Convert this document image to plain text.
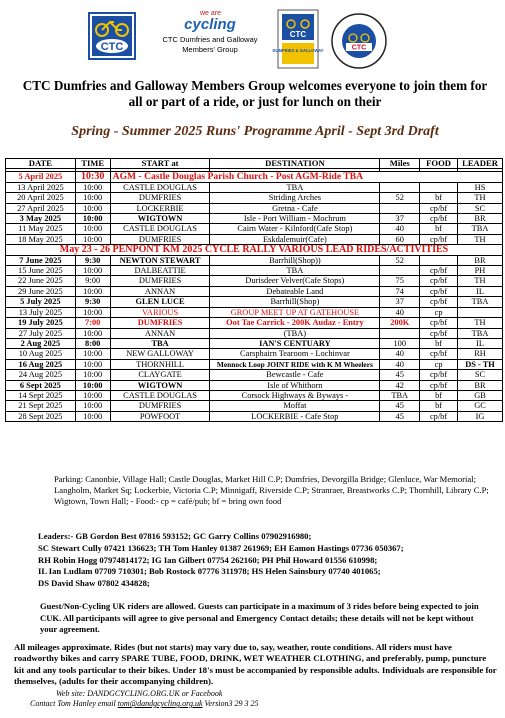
CTC
we are
cycling
CTC Dumfries and Galloway Members' Group
CTC
DUMFRIES & GALLOWAY	CTC
CTC Dumfries and Galloway Members Group welcomes everyone to join them for all or part of a ride, or just for lunch on their
Spring - Summer 2025 Runs' Programme April - Sept 3rd Draft
DATE	TIME	START at	DESTINATION	Miles	FOOD	LEADER

5 April 2025	10:30	AGM - Castle Douglas Parish Church - Post AGM-Ride TBA				
13 April 2025	10:00	CASTLE DOUGLAS	TBA			HS
20 April 2025	10:00	DUMFRIES	Striding Arches	52	bf	TH
27 April 2025	10:00	LOCKERBIE	Gretna - Cafe		cp/bf	SC
3 May 2025	10:00	WIGTOWN	Isle - Port William - Mochrum	37	cp/bf	BR
11 May 2025	10:00	CASTLE DOUGLAS	Cairn Water - Kilnford(Cafe Stop)	40	bf	TBA
18 May 2025	10:00	DUMFRIES	Eskdalemuir(Cafe)	60	cp/bf	TH
May 23 - 26 PENPONT KM 2025 CYCLE RALLY VARIOUS LEAD RIDES/ACTIVITIES						
7 June 2025	9:30	NEWTON STEWART	Barrhill(Shop))	52		BR
15 June 2025	10:00	DALBEATTIE	TBA		cp/bf	PH
22 June 2025	9:00	DUMFRIES	Durisdeer Velver(Cafe Stops)	75	cp/bf	TH
29 June 2025	10:00	ANNAN	Debateable Land	74	cp/bf	IL
5 July 2025	9:30	GLEN LUCE	Barrhill(Shop)	37	cp/bf	TBA
13 July 2025	10:00	VARIOUS	GROUP MEET UP AT GATEHOUSE	40	cp	
19 July 2025	7:00	DUMFRIES	Oot Tae Carrick - 200K Audaz - Entry	200K	cp/bf	TH
27 July 2025	10:00	ANNAN	(TBA)		cp/bf	TBA
2 Aug 2025	8:00	TBA	IAN'S CENTUARY	100	bf	IL
10 Aug 2025	10:00	NEW GALLOWAY	Carsphairn Tearoom - Lochinvar	40	cp/bf	RH
16 Aug 2025	10:00	THORNHILL	Mennock Loop JOINT RIDE with K M Wheelers	40	cp	DS - TH
24 Aug 2025	10:00	CLAYGATE	Bewcastle - Cafe	45	cp/bf	SC
6 Sept 2025	10:00	WIGTOWN	Isle of Whithorn	42	cp/bf	BR
14 Sept 2025	10:00	CASTLE DOUGLAS	Corsock Highways & Byways -	TBA	bf	GB
21 Sept 2025	10:00	DUMFRIES	Moffat	45	bf	GC
28 Sept 2025	10:00	POWFOOT	LOCKERBIE - Cafe Stop	45	cp/bf	IG
Parking: Canonbie, Village Hall; Castle Douglas, Market Hill C.P; Dumfries, Devorgilla Bridge; Glenluce, War Memorial; Langholm, Market Sq; Lockerbie, Victoria C.P; Minnigaff, Riverside C.P; Stranraer, Breastworks C.P; Thornhill, Library C.P; Wigtown, Town Hall; - Food:- cp = café/pub; bf = bring own food
Leaders:- GB Gordon Best 07816 593152; GC Garry Collins 07902916980;
SC Stewart Cully 07421 136623; TH Tom Hanley 01387 261969; EH Eamon Hastings 07736 050367;
RH Robin Hogg 07974814172; IG Ian Gilbert 07754 262160; PH Phil Howard 01556 610998;
IL Ian Ludlam 07709 710301; Bob Rostock 07776 311978; HS Helen Sainsbury 07740 401065;
DS David Shaw 07802 434828;
Guest/Non-Cycling UK riders are allowed. Guests can participate in a maximum of 3 rides before being expected to join CUK. All participants will agree to give personal and Emergency Contact details; these details will not be kept without your agreement.
All mileages approximate. Rides (but not starts) may vary due to, say, weather, route conditions. All riders must have roadworthy bikes and carry SPARE TUBE, FOOD, DRINK, WET WEATHER CLOTHING, and preferably, pump, puncture kit and any tools particular to their bikes. Under 18's must be accompanied by responsible adults. Individuals are responsible for themselves, (adults for their accompanying children).
Web site: DANDGCYCLING.ORG.UK or Facebook
Contact Tom Hanley email tom@dandgcycling.org.uk Version3 29 3 25
